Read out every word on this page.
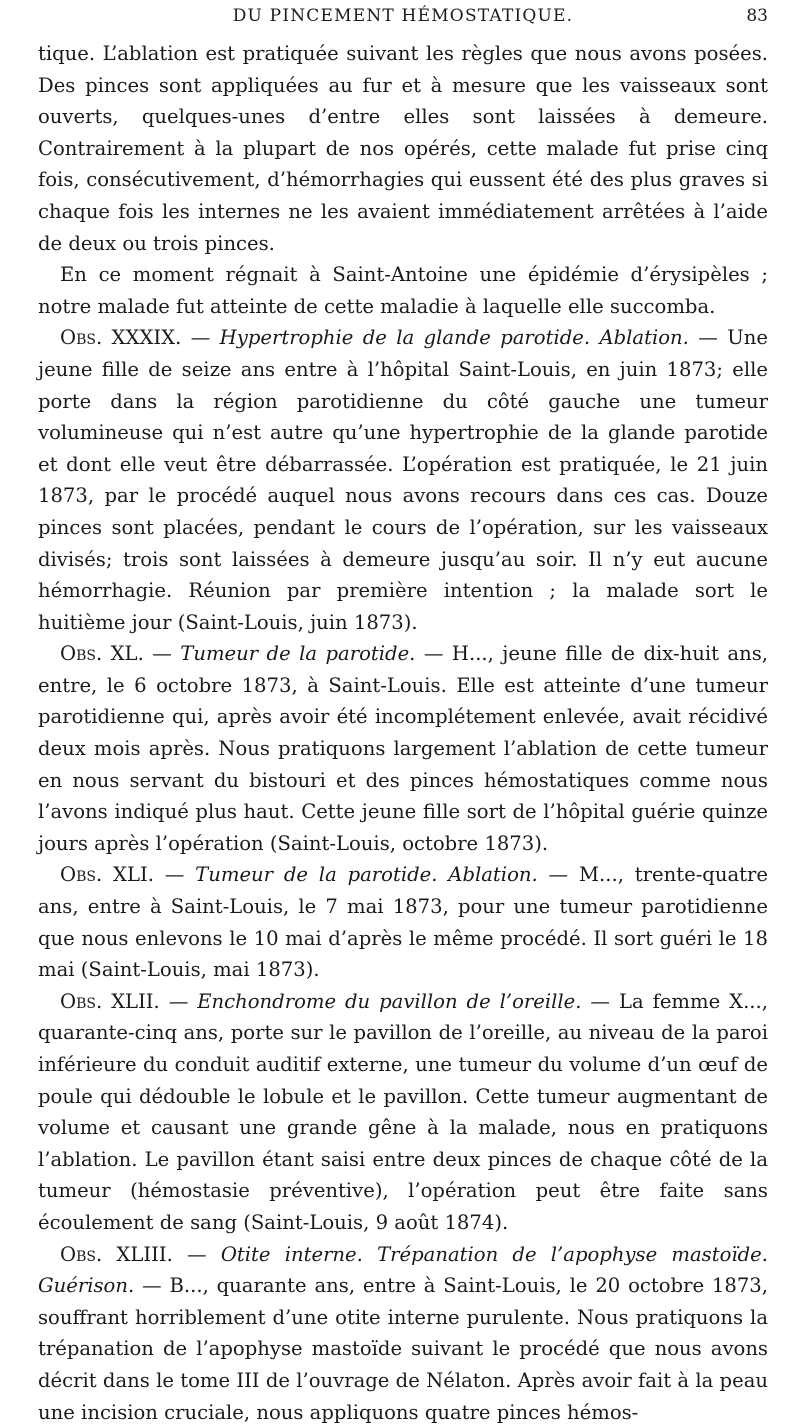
DU PINCEMENT HÉMOSTATIQUE.	83

tique. L’ablation est pratiquée suivant les règles que nous avons posées. Des pinces sont appliquées au fur et à mesure que les vaisseaux sont ouverts, quelques-unes d’entre elles sont laissées à demeure. Contrairement à la plupart de nos opérés, cette malade fut prise cinq fois, consécutivement, d’hémorrhagies qui eussent été des plus graves si chaque fois les internes ne les avaient immédiatement arrêtées à l’aide de deux ou trois pinces.

En ce moment régnait à Saint-Antoine une épidémie d’érysipèles ; notre malade fut atteinte de cette maladie à laquelle elle succomba.

Obs. XXXIX. — Hypertrophie de la glande parotide. Ablation. — Une jeune fille de seize ans entre à l’hôpital Saint-Louis, en juin 1873; elle porte dans la région parotidienne du côté gauche une tumeur volumineuse qui n’est autre qu’une hypertrophie de la glande parotide et dont elle veut être débarrassée. L’opération est pratiquée, le 21 juin 1873, par le procédé auquel nous avons recours dans ces cas. Douze pinces sont placées, pendant le cours de l’opération, sur les vaisseaux divisés; trois sont laissées à demeure jusqu’au soir. Il n’y eut aucune hémorrhagie. Réunion par première intention ; la malade sort le huitième jour (Saint-Louis, juin 1873).

Obs. XL. — Tumeur de la parotide. — H..., jeune fille de dix-huit ans, entre, le 6 octobre 1873, à Saint-Louis. Elle est atteinte d’une tumeur parotidienne qui, après avoir été incomplétement enlevée, avait récidivé deux mois après. Nous pratiquons largement l’ablation de cette tumeur en nous servant du bistouri et des pinces hémostatiques comme nous l’avons indiqué plus haut. Cette jeune fille sort de l’hôpital guérie quinze jours après l’opération (Saint-Louis, octobre 1873).

Obs. XLI. — Tumeur de la parotide. Ablation. — M..., trente-quatre ans, entre à Saint-Louis, le 7 mai 1873, pour une tumeur parotidienne que nous enlevons le 10 mai d’après le même procédé. Il sort guéri le 18 mai (Saint-Louis, mai 1873).

Obs. XLII. — Enchondrome du pavillon de l’oreille. — La femme X..., quarante-cinq ans, porte sur le pavillon de l’oreille, au niveau de la paroi inférieure du conduit auditif externe, une tumeur du volume d’un œuf de poule qui dédouble le lobule et le pavillon. Cette tumeur augmentant de volume et causant une grande gêne à la malade, nous en pratiquons l’ablation. Le pavillon étant saisi entre deux pinces de chaque côté de la tumeur (hémostasie préventive), l’opération peut être faite sans écoulement de sang (Saint-Louis, 9 août 1874).

Obs. XLIII. — Otite interne. Trépanation de l’apophyse mastoïde. Guérison. — B..., quarante ans, entre à Saint-Louis, le 20 octobre 1873, souffrant horriblement d’une otite interne purulente. Nous pratiquons la trépanation de l’apophyse mastoïde suivant le procédé que nous avons décrit dans le tome III de l’ouvrage de Nélaton. Après avoir fait à la peau une incision cruciale, nous appliquons quatre pinces hémos-
